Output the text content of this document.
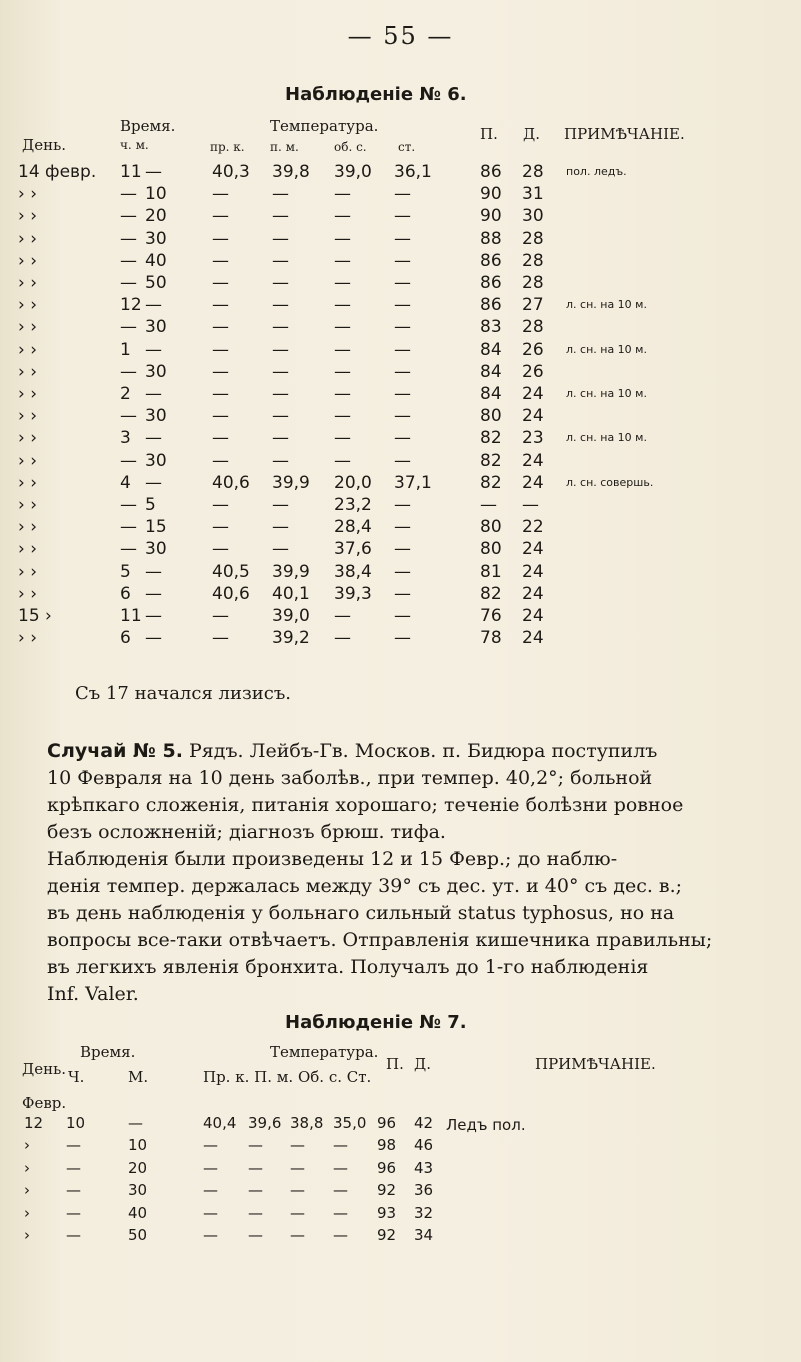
— 55 —
Наблюденіе № 6.
День.
Время.
ч. м.	пр. к.
Температура.
п. м.	об. с.	ст.
П. Д. ПРИМѢЧАНІЕ.
14 февр. 11 —	40,3 39,8 39,0 36,1	86 28 пол. ледъ.
› ›	— 10	—	—	—	—	90 31
› ›	— 20	—	—	—	—	90 30
› ›	— 30	—	—	—	—	88 28
› ›	— 40	—	—	—	—	86 28
› ›	— 50	—	—	—	—	86 28
› ›	12 —	—	—	—	—	86 27 л. сн. на 10 м.
› ›	— 30	—	—	—	—	83 28
› ›	1 —	—	—	—	—	84 26 л. сн. на 10 м.
› ›	— 30	—	—	—	—	84 26
› ›	2 —	—	—	—	—	84 24 л. сн. на 10 м.
› ›	— 30	—	—	—	—	80 24
› ›	3 —	—	—	—	—	82 23 л. сн. на 10 м.
› ›	— 30	—	—	—	—	82 24
› ›	4 —	40,6 39,9 20,0 37,1	82 24 л. сн. совершь.
› ›	— 5	—	—	23,2 —	— —
› ›	— 15	—	—	28,4 —	80 22
› ›	— 30	—	—	37,6 —	80 24
› ›	5 —	40,5 39,9 38,4 —	81 24
› ›	6 —	40,6 40,1 39,3 —	82 24
15 ›	11 —	—	39,0 —	—	76 24
› ›	6 —	—	39,2 —	—	78 24
Съ 17 начался лизисъ.
Случай № 5. Рядъ. Лейбъ-Гв. Москов. п. Бидюра поступилъ
10 Февраля на 10 день заболѣв., при темпер. 40,2°; больной
крѣпкаго сложенія, питанія хорошаго; теченіе болѣзни ровное
безъ осложненій; діагнозъ брюш. тифа.
Наблюденія были произведены 12 и 15 Февр.; до наблю-
денія темпер. держалась между 39° съ дес. ут. и 40° съ дес. в.;
въ день наблюденія у больнаго сильный status typhosus, но на
вопросы все-таки отвѣчаетъ. Отправленія кишечника правильны;
въ легкихъ явленія бронхита. Получалъ до 1-го наблюденія
Inf. Valer.
Наблюденіе № 7.
День.
Время.
Ч.	М.
Температура.
Пр. к. П. м. Об. с. Ст.
П. Д.	ПРИМѢЧАНІЕ.
Февр.
12 10	—	40,4 39,6 38,8 35,0 96 42 Ледъ пол.
› —	10	— — — — 98 46
› —	20	— — — — 96 43
› —	30	— — — — 92 36
› —	40	— — — — 93 32
› —	50	— — — — 92 34
